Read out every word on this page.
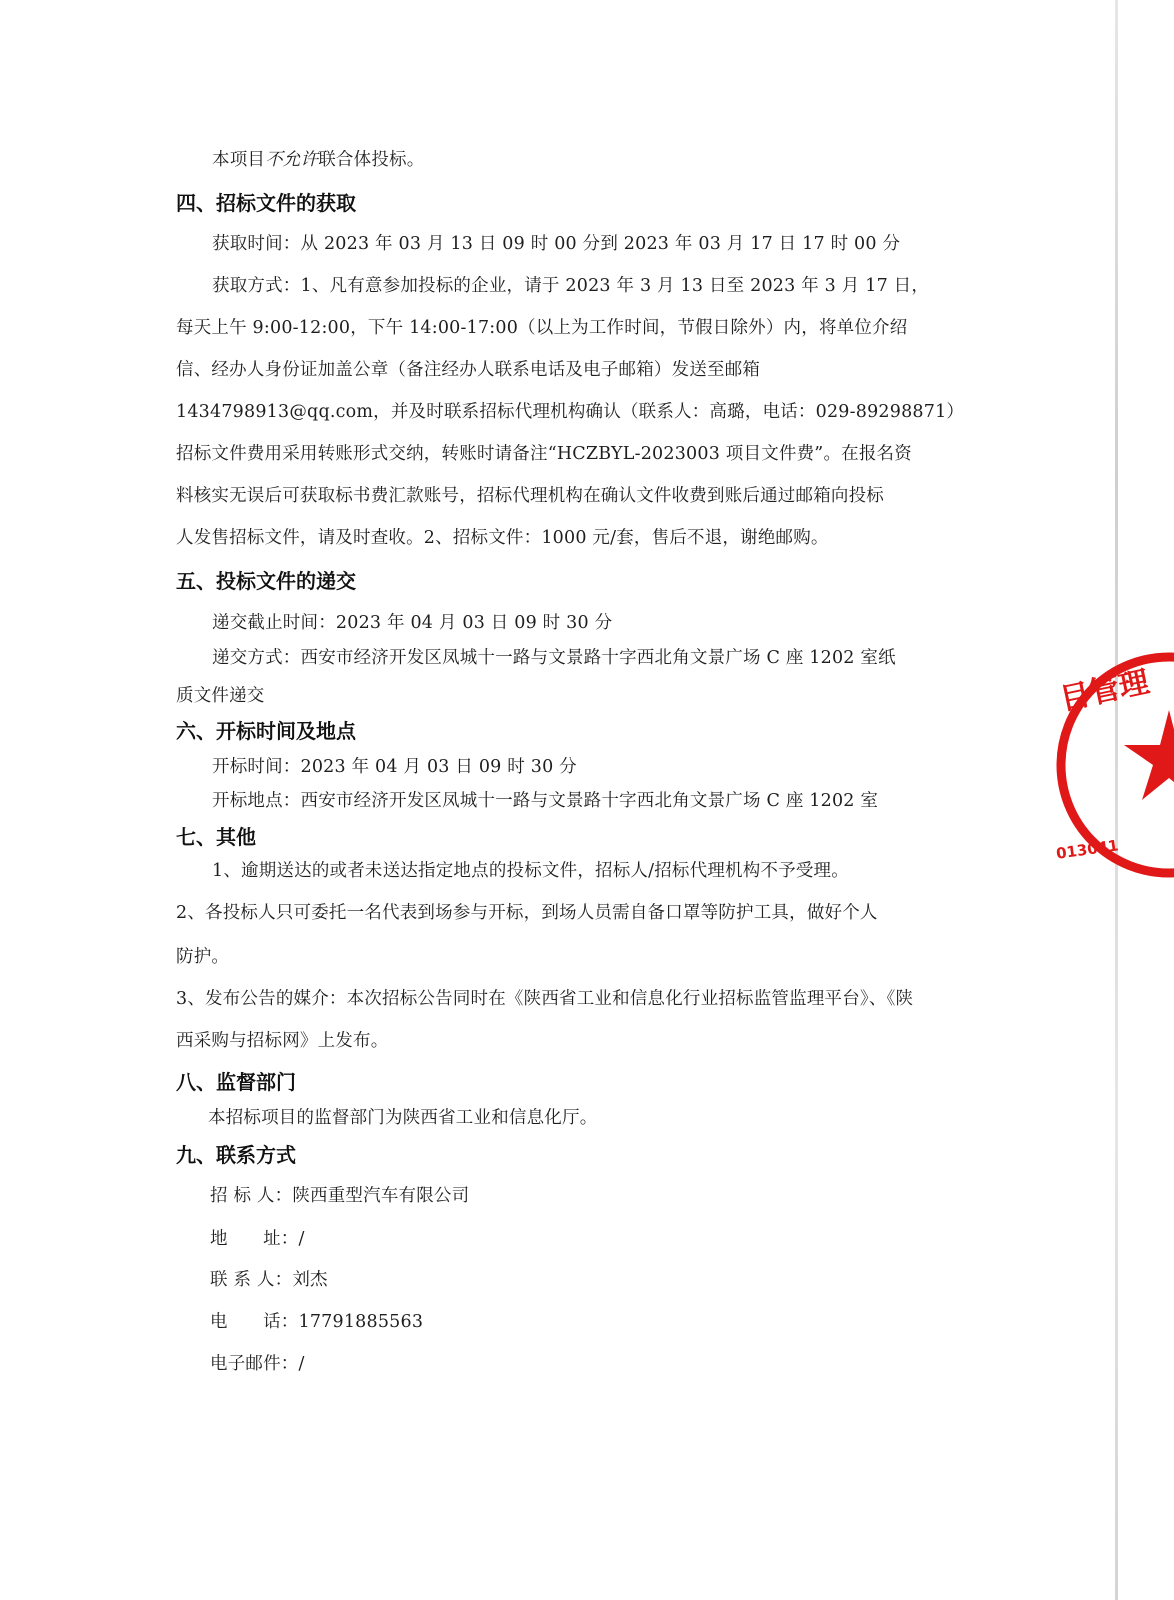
本项目不允许联合体投标。
四、招标文件的获取
获取时间：从 2023 年 03 月 13 日 09 时 00 分到 2023 年 03 月 17 日 17 时 00 分
获取方式：1、凡有意参加投标的企业，请于 2023 年 3 月 13 日至 2023 年 3 月 17 日，
每天上午 9:00-12:00，下午 14:00-17:00（以上为工作时间，节假日除外）内，将单位介绍
信、经办人身份证加盖公章（备注经办人联系电话及电子邮箱）发送至邮箱
1434798913@qq.com，并及时联系招标代理机构确认（联系人：高璐，电话：029-89298871）
招标文件费用采用转账形式交纳，转账时请备注“HCZBYL-2023003 项目文件费”。在报名资
料核实无误后可获取标书费汇款账号，招标代理机构在确认文件收费到账后通过邮箱向投标
人发售招标文件，请及时查收。2、招标文件：1000 元/套，售后不退，谢绝邮购。
五、投标文件的递交
递交截止时间：2023 年 04 月 03 日 09 时 30 分
递交方式：西安市经济开发区凤城十一路与文景路十字西北角文景广场 C 座 1202 室纸
质文件递交
六、开标时间及地点
开标时间：2023 年 04 月 03 日 09 时 30 分
开标地点：西安市经济开发区凤城十一路与文景路十字西北角文景广场 C 座 1202 室
七、其他
1、逾期送达的或者未送达指定地点的投标文件，招标人/招标代理机构不予受理。
2、各投标人只可委托一名代表到场参与开标，到场人员需自备口罩等防护工具，做好个人
防护。
3、发布公告的媒介：本次招标公告同时在《陕西省工业和信息化行业招标监管监理平台》、《陕
西采购与招标网》上发布。
八、监督部门
本招标项目的监督部门为陕西省工业和信息化厅。
九、联系方式
招 标 人：陕西重型汽车有限公司
地　　址：/
联 系 人：刘杰
电　　话：17791885563
电子邮件：/
目管理
013041
